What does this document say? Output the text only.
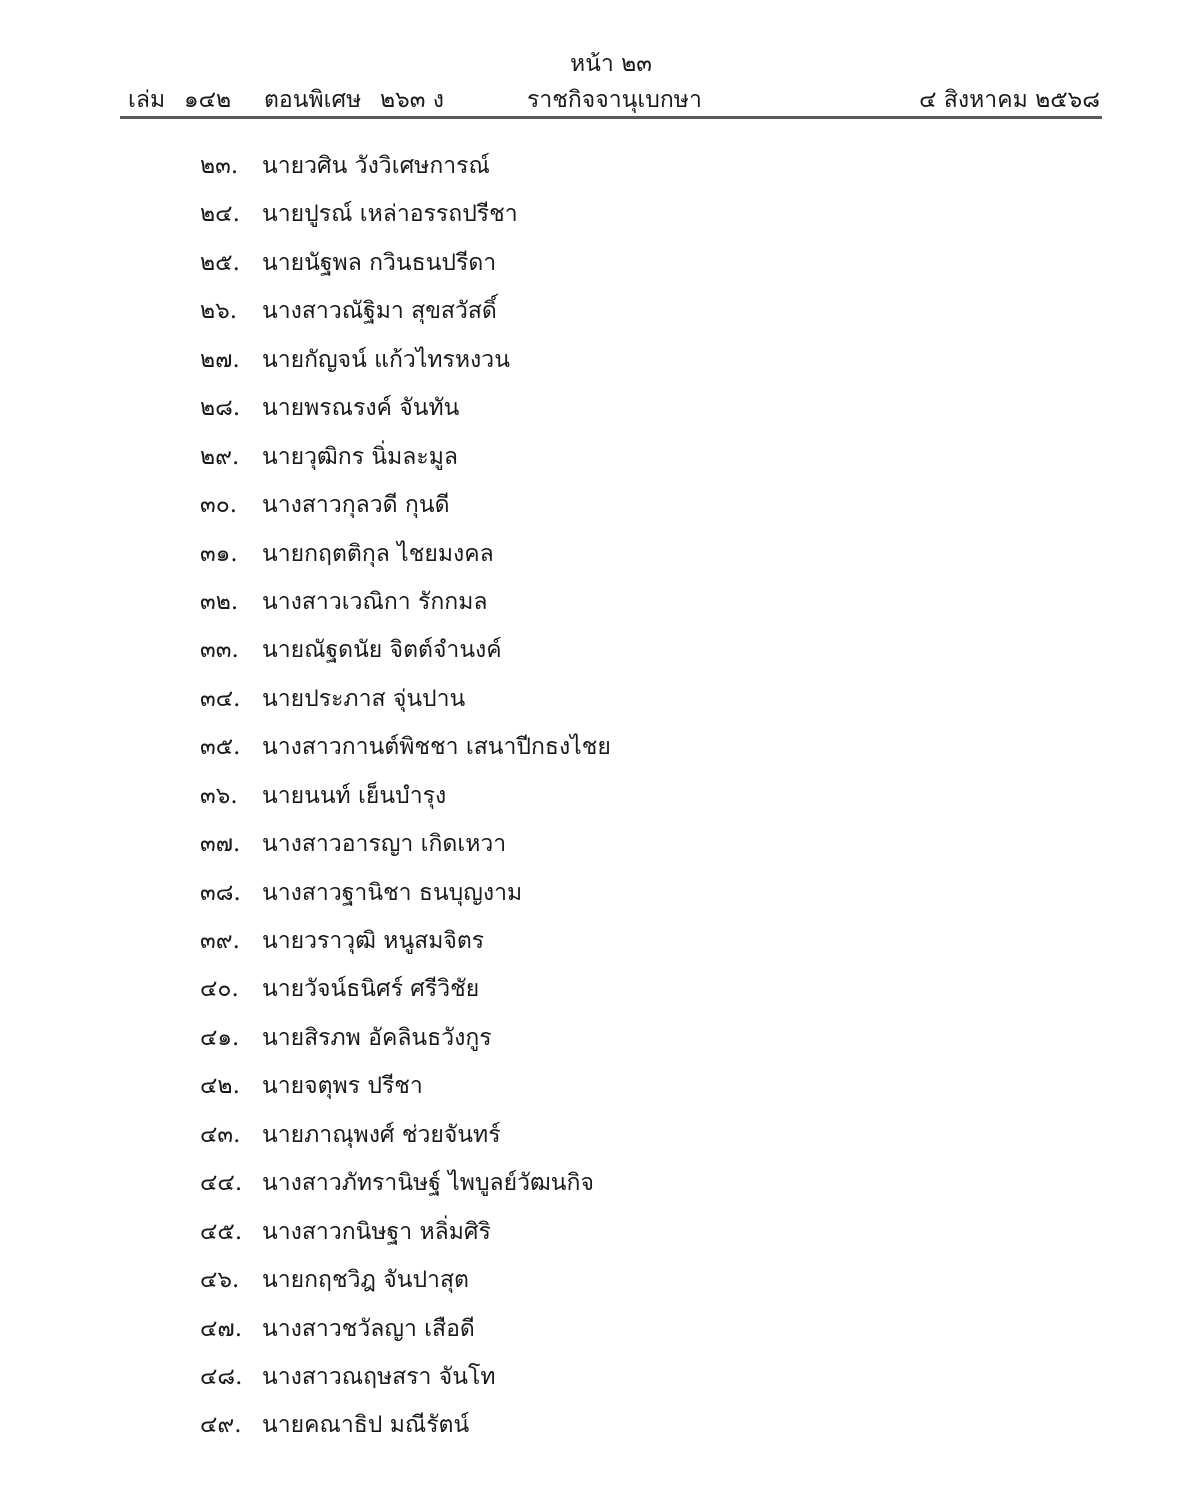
หน้า ๒๓
เล่ม ๑๔๒ ตอนพิเศษ ๒๖๓ ง	ราชกิจจานุเบกษา	๔ สิงหาคม ๒๕๖๘
๒๓. นายวศิน วังวิเศษการณ์
๒๔. นายปูรณ์ เหล่าอรรถปรีชา
๒๕. นายนัฐพล กวินธนปรีดา
๒๖. นางสาวณัฐิมา สุขสวัสดิ์
๒๗. นายกัญจน์ แก้วไทรหงวน
๒๘. นายพรณรงค์ จันทัน
๒๙. นายวุฒิกร นิ่มละมูล
๓๐. นางสาวกุลวดี กุนดี
๓๑. นายกฤตติกุล ไชยมงคล
๓๒. นางสาวเวณิกา รักกมล
๓๓. นายณัฐดนัย จิตต์จำนงค์
๓๔. นายประภาส จุ่นปาน
๓๕. นางสาวกานต์พิชชา เสนาปีกธงไชย
๓๖. นายนนท์ เย็นบำรุง
๓๗. นางสาวอารญา เกิดเหวา
๓๘. นางสาวฐานิชา ธนบุญงาม
๓๙. นายวราวุฒิ หนูสมจิตร
๔๐. นายวัจน์ธนิศร์ ศรีวิชัย
๔๑. นายสิรภพ อัคลินธวังกูร
๔๒. นายจตุพร ปรีชา
๔๓. นายภาณุพงศ์ ช่วยจันทร์
๔๔. นางสาวภัทรานิษฐ์ ไพบูลย์วัฒนกิจ
๔๕. นางสาวกนิษฐา หลิ่มศิริ
๔๖. นายกฤชวิฎ จันปาสุต
๔๗. นางสาวชวัลญา เสือดี
๔๘. นางสาวณฤษสรา จันโท
๔๙. นายคณาธิป มณีรัตน์
